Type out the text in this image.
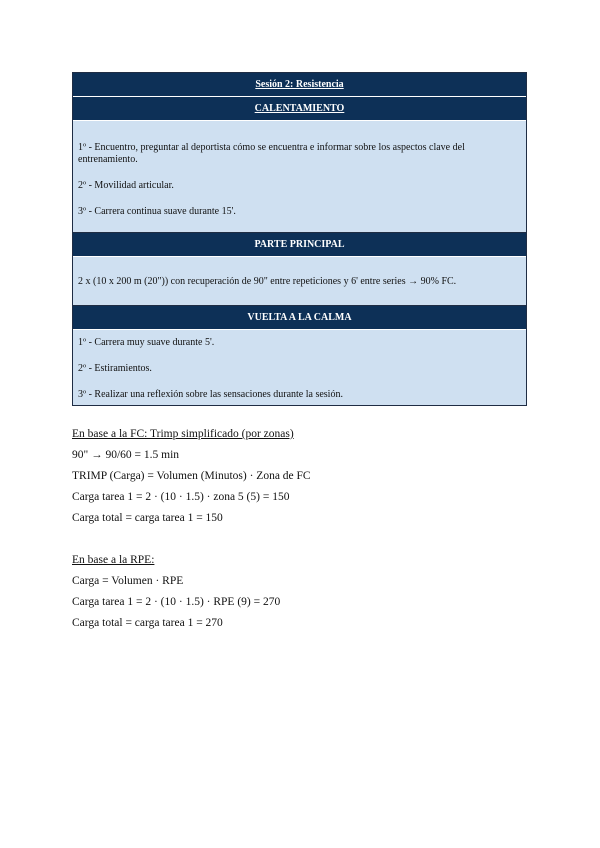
Sesión 2: Resistencia
CALENTAMIENTO

1º - Encuentro, preguntar al deportista cómo se encuentra e informar sobre los aspectos clave del entrenamiento.

2º - Movilidad articular.

3º - Carrera continua suave durante 15'.

PARTE PRINCIPAL

2 x (10 x 200 m (20")) con recuperación de 90" entre repeticiones y 6' entre series → 90% FC.

VUELTA A LA CALMA

1º - Carrera muy suave durante 5'.

2º - Estiramientos.

3º - Realizar una reflexión sobre las sensaciones durante la sesión.

En base a la FC: Trimp simplificado (por zonas)
90" → 90/60 = 1.5 min
TRIMP (Carga) = Volumen (Minutos) · Zona de FC
Carga tarea 1 = 2 · (10 · 1.5) · zona 5 (5) = 150
Carga total = carga tarea 1 = 150
En base a la RPE:
Carga = Volumen · RPE
Carga tarea 1 = 2 · (10 · 1.5) · RPE (9) = 270
Carga total = carga tarea 1 = 270
